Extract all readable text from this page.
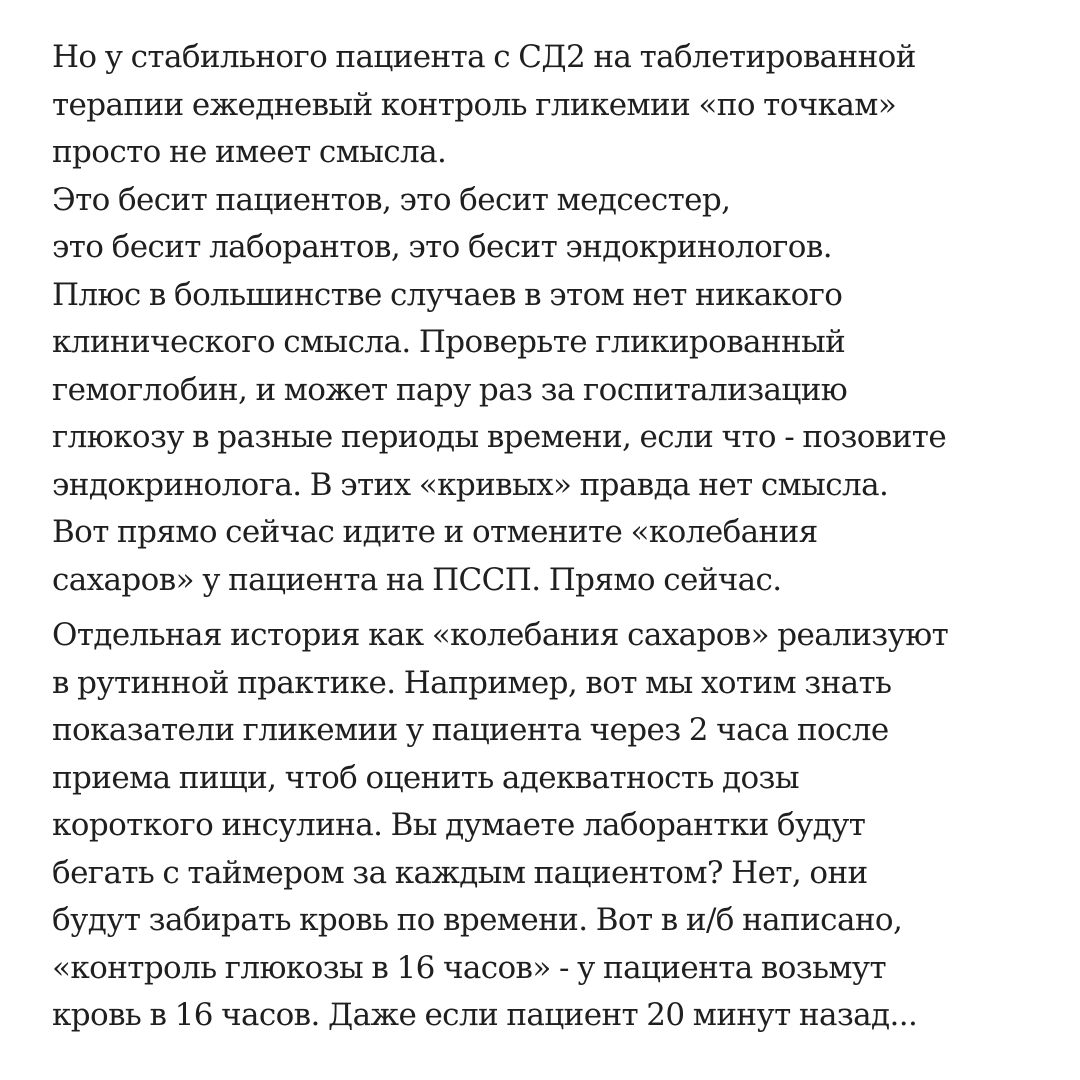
Но у стабильного пациента с СД2 на таблетированной
терапии ежедневый контроль гликемии «по точкам»
просто не имеет смысла.
Это бесит пациентов, это бесит медсестер,
это бесит лаборантов, это бесит эндокринологов.
Плюс в большинстве случаев в этом нет никакого
клинического смысла. Проверьте гликированный
гемоглобин, и может пару раз за госпитализацию
глюкозу в разные периоды времени, если что - позовите
эндокринолога. В этих «кривых» правда нет смысла.
Вот прямо сейчас идите и отмените «колебания
сахаров» у пациента на ПССП. Прямо сейчас.

Отдельная история как «колебания сахаров» реализуют
в рутинной практике. Например, вот мы хотим знать
показатели гликемии у пациента через 2 часа после
приема пищи, чтоб оценить адекватность дозы
короткого инсулина. Вы думаете лаборантки будут
бегать с таймером за каждым пациентом? Нет, они
будут забирать кровь по времени. Вот в и/б написано,
«контроль глюкозы в 16 часов» - у пациента возьмут
кровь в 16 часов. Даже если пациент 20 минут назад...
